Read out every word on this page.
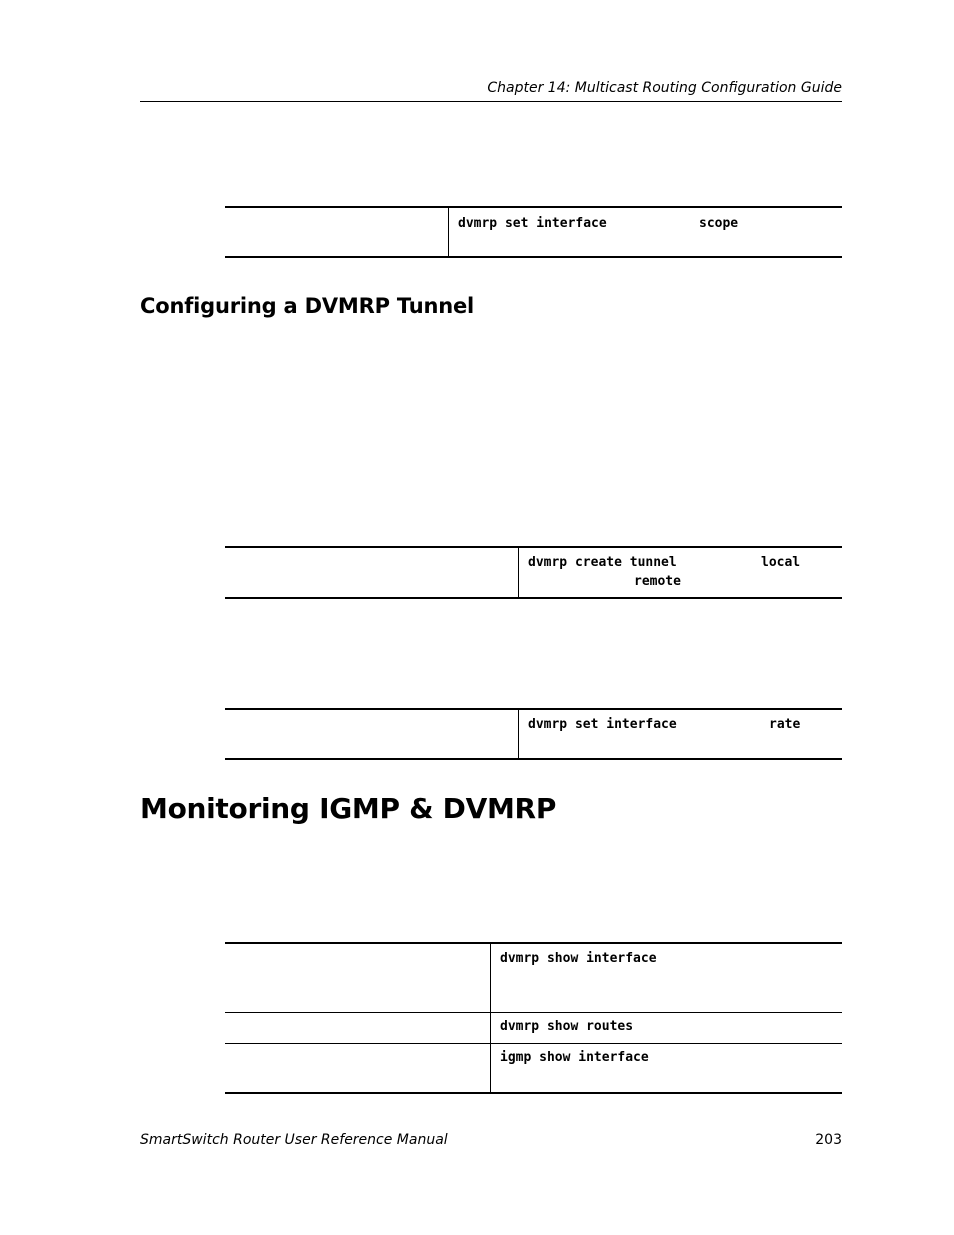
Chapter 14: Multicast Routing Configuration Guide
dvmrp set interface	scope
Configuring a DVMRP Tunnel
dvmrp create tunnel	local
remote
dvmrp set interface	rate
Monitoring IGMP & DVMRP
dvmrp show interface
dvmrp show routes
igmp show interface
SmartSwitch Router User Reference Manual	203
